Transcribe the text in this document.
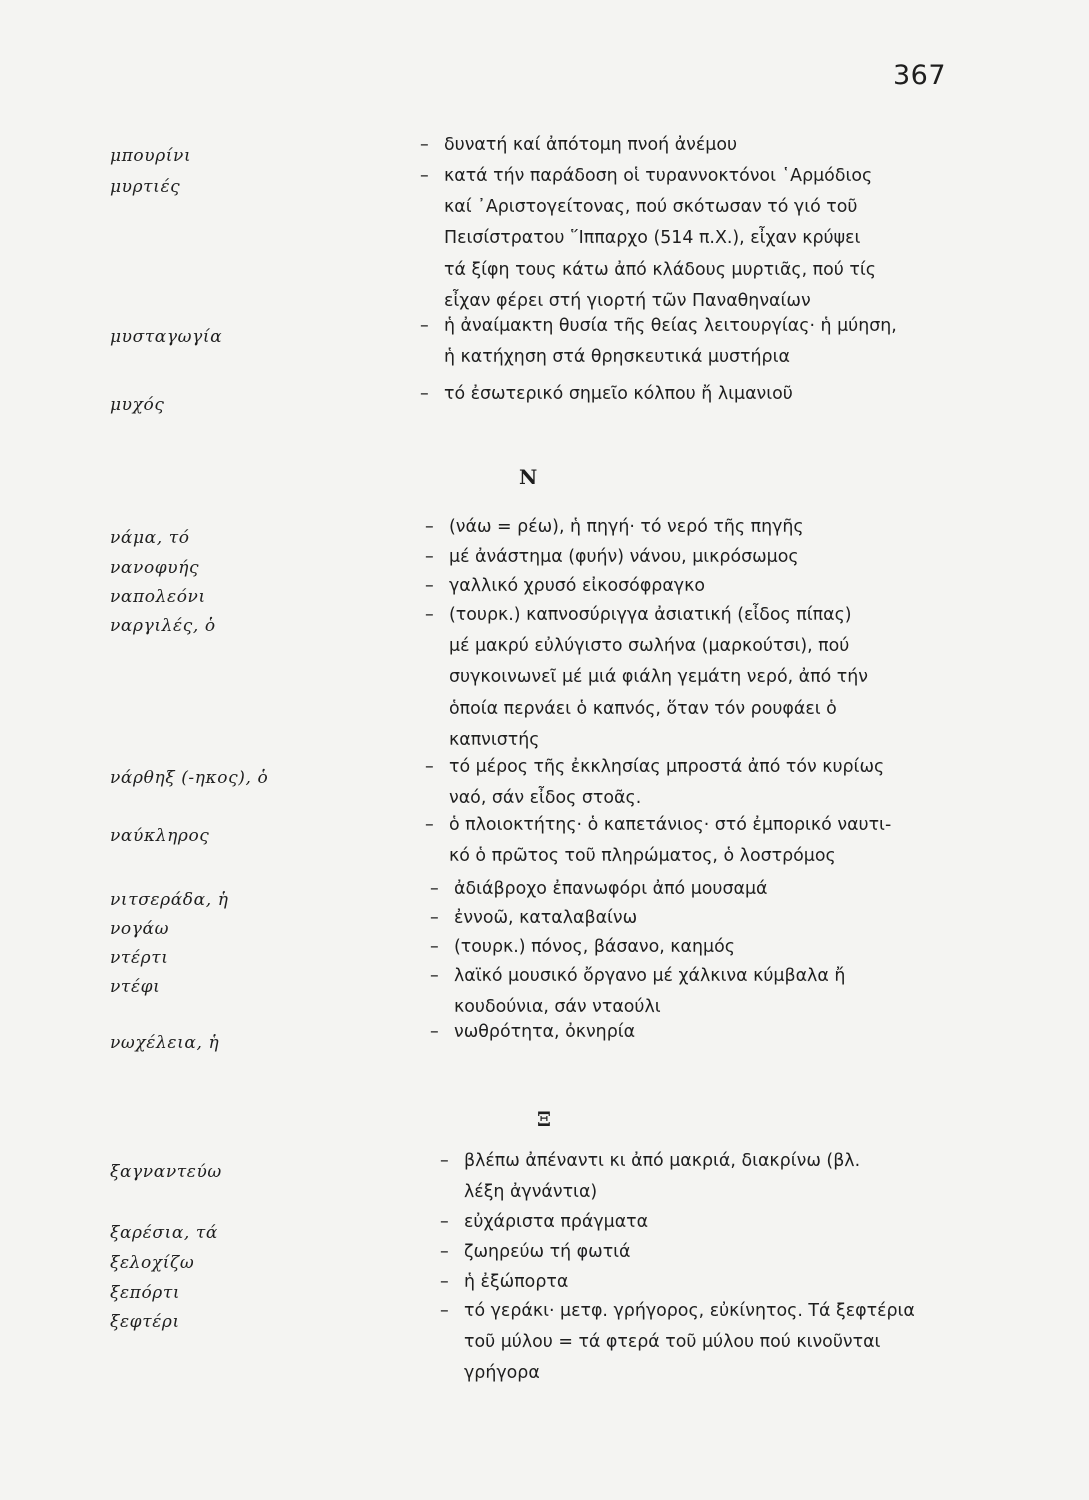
367
μπουρίνι
– δυνατή καί ἀπότομη πνοή ἀνέμου
μυρτιές
– κατά τήν παράδοση οἱ τυραννοκτόνοι ῾Αρμόδιος
καί ᾿Αριστογείτονας, πού σκότωσαν τό γιό τοῦ
Πεισίστρατου ῞Ιππαρχο (514 π.Χ.), εἶχαν κρύψει
τά ξίφη τους κάτω ἀπό κλάδους μυρτιᾶς, πού τίς
εἶχαν φέρει στή γιορτή τῶν Παναθηναίων
μυσταγωγία
– ἡ ἀναίμακτη θυσία τῆς θείας λειτουργίας· ἡ μύηση,
ἡ κατήχηση στά θρησκευτικά μυστήρια
μυχός
– τό ἐσωτερικό σημεῖο κόλπου ἤ λιμανιοῦ
Ν
νάμα, τό
– (νάω = ρέω), ἡ πηγή· τό νερό τῆς πηγῆς
νανοφυής
– μέ ἀνάστημα (φυήν) νάνου, μικρόσωμος
ναπολεόνι
– γαλλικό χρυσό εἰκοσόφραγκο
ναργιλές, ὁ
– (τουρκ.) καπνοσύριγγα ἀσιατική (εἶδος πίπας)
μέ μακρύ εὐλύγιστο σωλήνα (μαρκούτσι), πού
συγκοινωνεῖ μέ μιά φιάλη γεμάτη νερό, ἀπό τήν
ὁποία περνάει ὁ καπνός, ὅταν τόν ρουφάει ὁ
καπνιστής
νάρθηξ (-ηκος), ὁ
– τό μέρος τῆς ἐκκλησίας μπροστά ἀπό τόν κυρίως
ναό, σάν εἶδος στοᾶς.
ναύκληρος
– ὁ πλοιοκτήτης· ὁ καπετάνιος· στό ἐμπορικό ναυτι-
κό ὁ πρῶτος τοῦ πληρώματος, ὁ λοστρόμος
νιτσεράδα, ἡ
– ἀδιάβροχο ἐπανωφόρι ἀπό μουσαμά
νογάω
– ἐννοῶ, καταλαβαίνω
ντέρτι
– (τουρκ.) πόνος, βάσανο, καημός
ντέφι
– λαϊκό μουσικό ὄργανο μέ χάλκινα κύμβαλα ἤ
κουδούνια, σάν νταούλι
νωχέλεια, ἡ
– νωθρότητα, ὀκνηρία
Ξ
ξαγναντεύω
– βλέπω ἀπέναντι κι ἀπό μακριά, διακρίνω (βλ.
λέξη ἀγνάντια)
ξαρέσια, τά
– εὐχάριστα πράγματα
ξελοχίζω
– ζωηρεύω τή φωτιά
ξεπόρτι
– ἡ ἐξώπορτα
ξεφτέρι
– τό γεράκι· μετφ. γρήγορος, εὐκίνητος. Τά ξεφτέρια
τοῦ μύλου = τά φτερά τοῦ μύλου πού κινοῦνται
γρήγορα
